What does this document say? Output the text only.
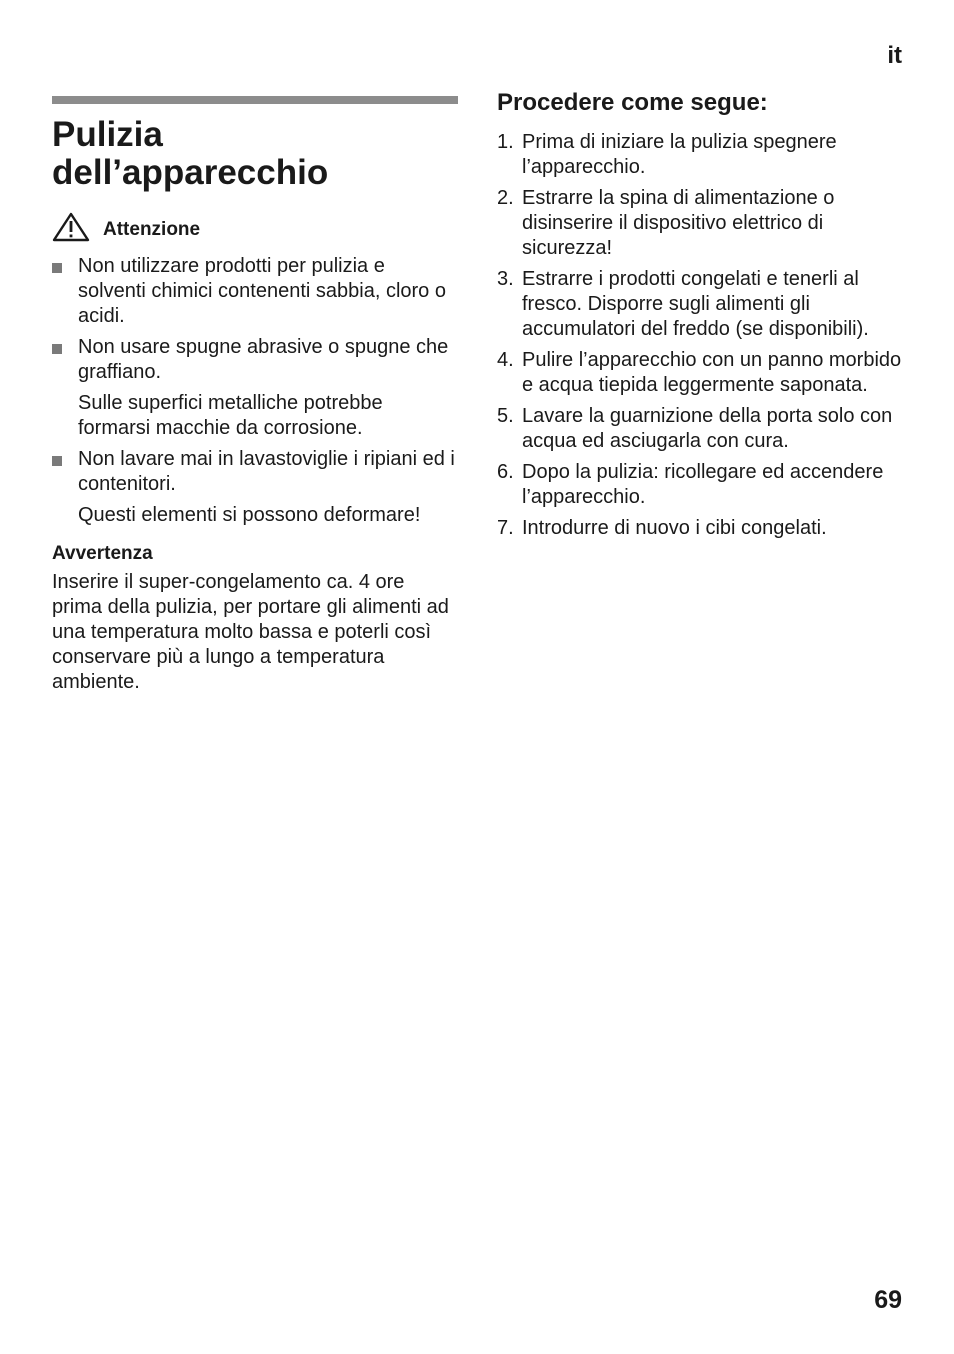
it
Pulizia
dell’apparecchio
Attenzione
Non utilizzare prodotti per pulizia e solventi chimici contenenti sabbia, cloro o acidi.
Non usare spugne abrasive o spugne che graffiano.
Sulle superfici metalliche potrebbe formarsi macchie da corrosione.
Non lavare mai in lavastoviglie i ripiani ed i contenitori.
Questi elementi si possono deformare!
Avvertenza

Inserire il super-congelamento ca. 4 ore prima della pulizia, per portare gli alimenti ad una temperatura molto bassa e poterli così conservare più a lungo a temperatura ambiente.

Procedere come segue:
1. Prima di iniziare la pulizia spegnere l’apparecchio.
2. Estrarre la spina di alimentazione o disinserire il dispositivo elettrico di sicurezza!
3. Estrarre i prodotti congelati e tenerli al fresco. Disporre sugli alimenti gli accumulatori del freddo (se disponibili).
4. Pulire l’apparecchio con un panno morbido e acqua tiepida leggermente saponata.
5. Lavare la guarnizione della porta solo con acqua ed asciugarla con cura.
6. Dopo la pulizia: ricollegare ed accendere l’apparecchio.
7. Introdurre di nuovo i cibi congelati.
69
